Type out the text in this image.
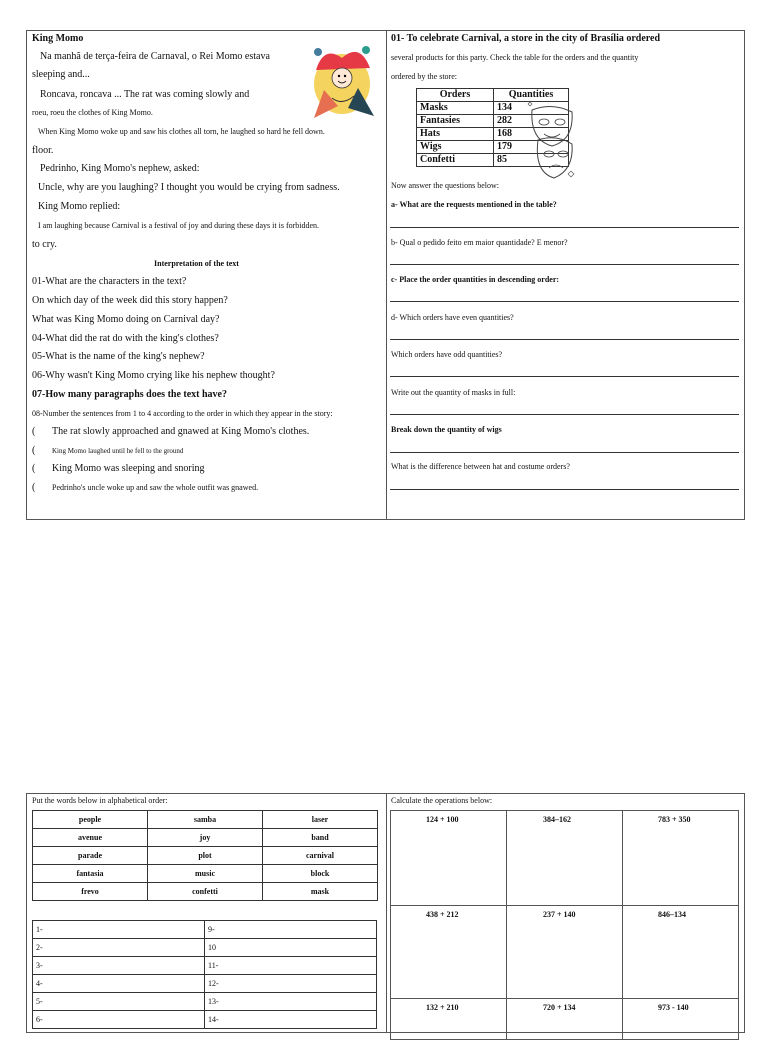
King Momo
Na manhã de terça-feira de Carnaval, o Rei Momo estava
sleeping and...
Roncava, roncava ... The rat was coming slowly and
roeu, roeu the clothes of King Momo.
When King Momo woke up and saw his clothes all torn, he laughed so hard he fell down.
floor.
Pedrinho, King Momo's nephew, asked:
Uncle, why are you laughing? I thought you would be crying from sadness.
King Momo replied:
I am laughing because Carnival is a festival of joy and during these days it is forbidden.
to cry.
Interpretation of the text
01-What are the characters in the text?
On which day of the week did this story happen?
What was King Momo doing on Carnival day?
04-What did the rat do with the king's clothes?
05-What is the name of the king's nephew?
06-Why wasn't King Momo crying like his nephew thought?
07-How many paragraphs does the text have?
08-Number the sentences from 1 to 4 according to the order in which they appear in the story:
( The rat slowly approached and gnawed at King Momo's clothes.
( King Momo laughed until he fell to the ground
( King Momo was sleeping and snoring
( Pedrinho's uncle woke up and saw the whole outfit was gnawed.
01- To celebrate Carnival, a store in the city of Brasília ordered
several products for this party. Check the table for the orders and the quantity
ordered by the store:
Orders	Quantities
Masks	134
Fantasies	282
Hats	168
Wigs	179
Confetti	85
Now answer the questions below:
a- What are the requests mentioned in the table?
b- Qual o pedido feito em maior quantidade? E menor?
c- Place the order quantities in descending order:
d- Which orders have even quantities?
Which orders have odd quantities?
Write out the quantity of masks in full:
Break down the quantity of wigs
What is the difference between hat and costume orders?
Put the words below in alphabetical order:
people	samba	laser
avenue	joy	band
parade	plot	carnival
fantasia	music	block
frevo	confetti	mask
1-	9-
2-	10
3-	11-
4-	12-
5-	13-
6-	14-
Calculate the operations below:
124 + 100	384–162	783 + 350
438 + 212	237 + 140	846–134
132 + 210	720 + 134	973 - 140
